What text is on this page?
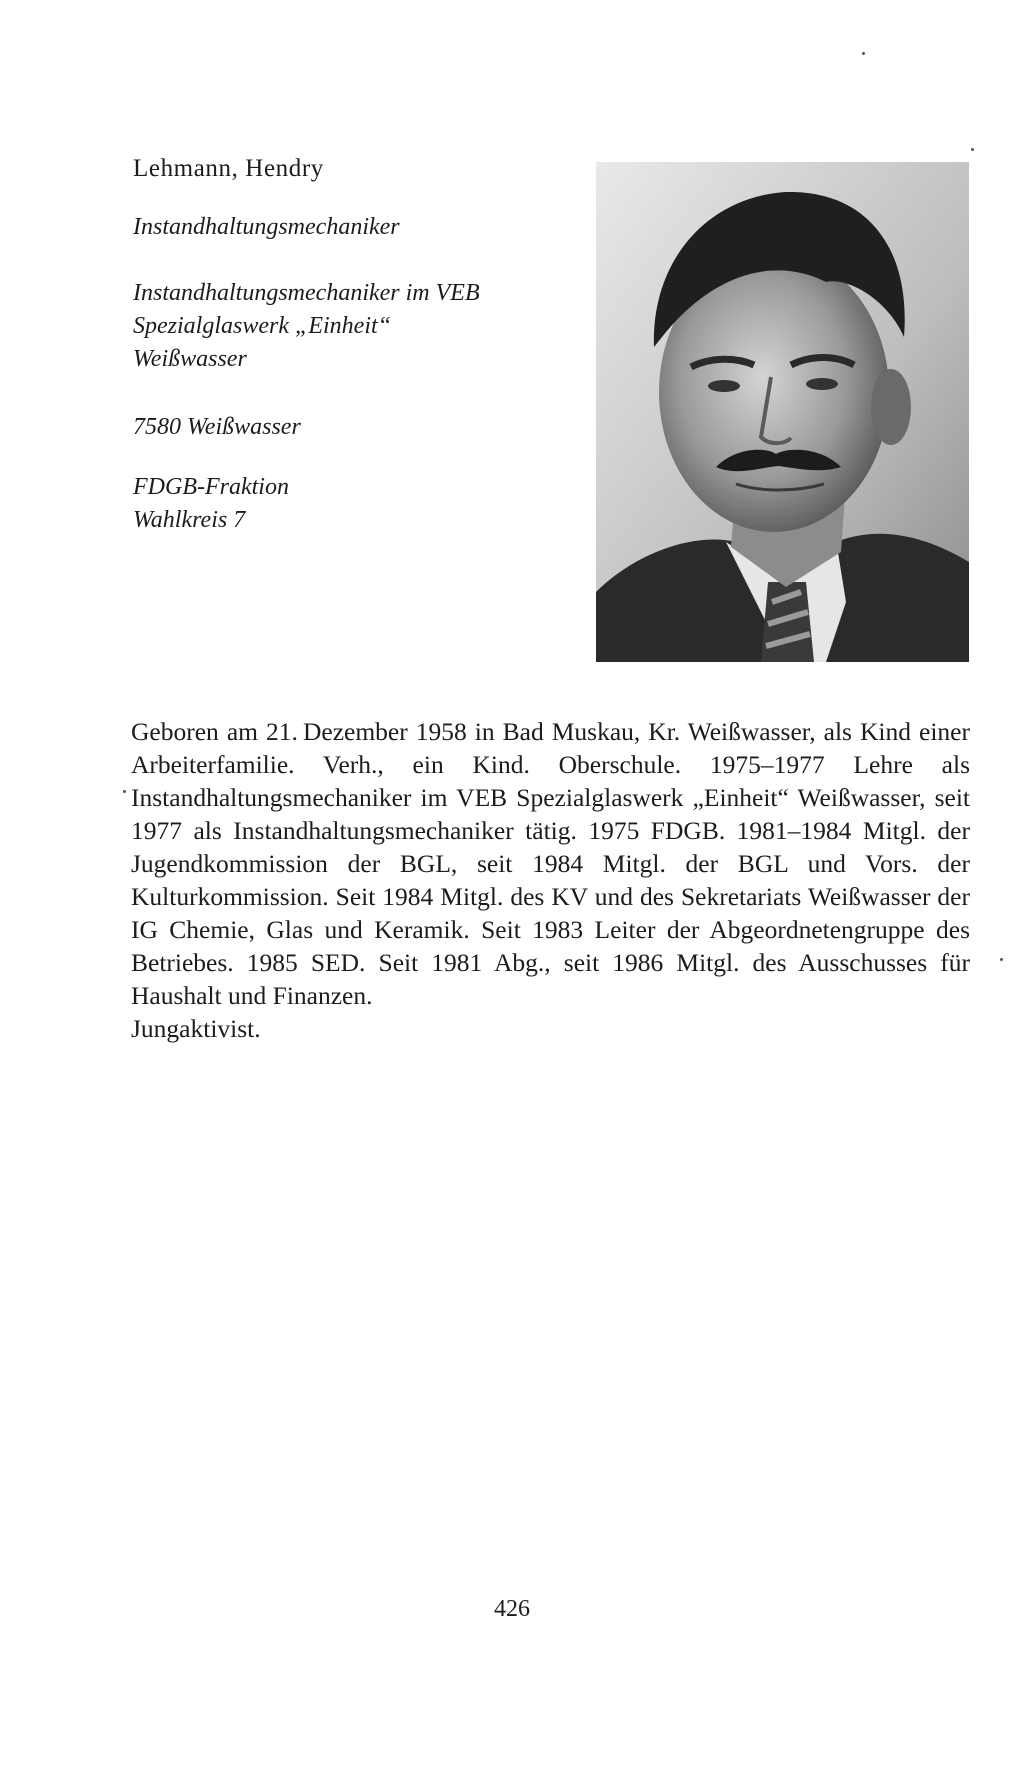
Lehmann, Hendry

Instandhaltungsmechaniker

Instandhaltungsmechaniker im VEB
Spezialglaswerk „Einheit“
Weißwasser

7580 Weißwasser

FDGB-Fraktion
Wahlkreis 7

Geboren am 21. Dezember 1958 in Bad Muskau, Kr. Weißwasser, als Kind einer Arbeiterfamilie. Verh., ein Kind. Oberschule. 1975–1977 Lehre als Instandhaltungsmechaniker im VEB Spezialglaswerk „Einheit“ Weißwasser, seit 1977 als Instandhaltungsmechaniker tätig. 1975 FDGB. 1981–1984 Mitgl. der Jugendkommission der BGL, seit 1984 Mitgl. der BGL und Vors. der Kulturkommission. Seit 1984 Mitgl. des KV und des Sekretariats Weißwasser der IG Chemie, Glas und Keramik. Seit 1983 Leiter der Abgeordnetengruppe des Betriebes. 1985 SED. Seit 1981 Abg., seit 1986 Mitgl. des Ausschusses für Haushalt und Finanzen.

Jungaktivist.

426
